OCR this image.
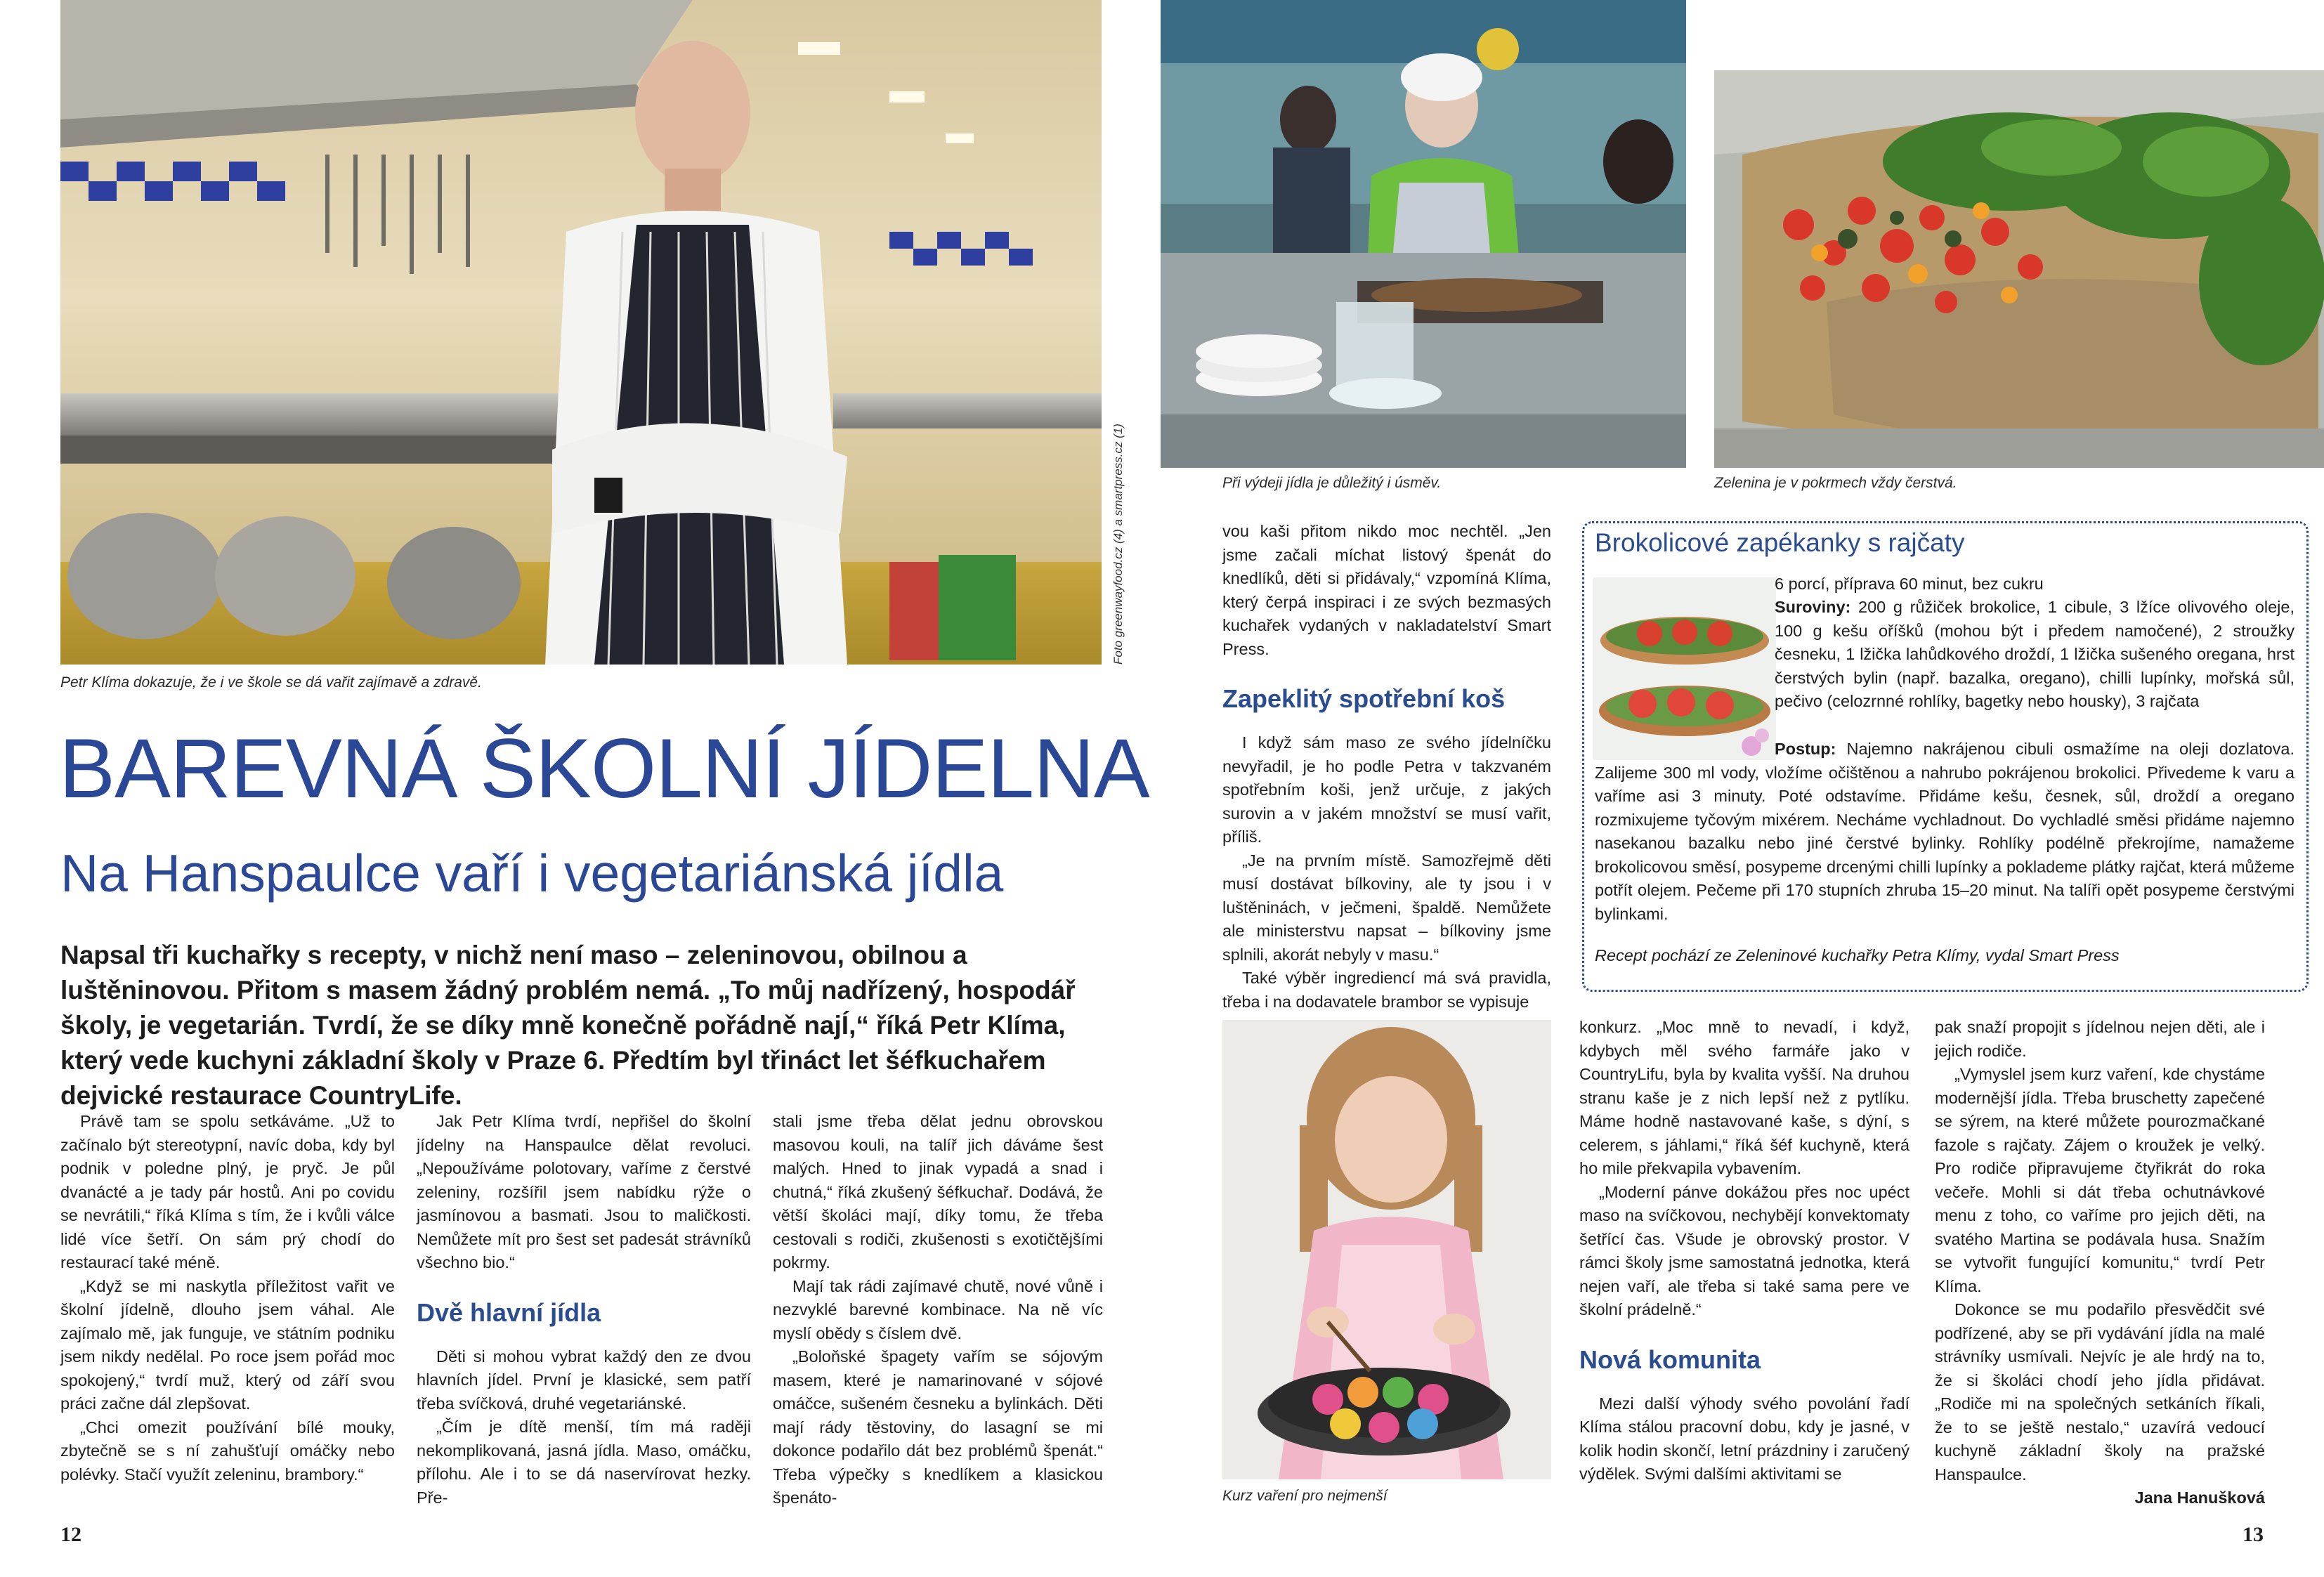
Petr Klíma dokazuje, že i ve škole se dá vařit zajímavě a zdravě.
Foto greenwayfood.cz (4) a smartpress.cz (1)
BAREVNÁ ŠKOLNÍ JÍDELNA
Na Hanspaulce vaří i vegetariánská jídla
Napsal tři kuchařky s recepty, v nichž není maso – zeleninovou, obilnou a luštěninovou. Přitom s masem žádný problém nemá. „To můj nadřízený, hospodář školy, je vegetarián. Tvrdí, že se díky mně konečně pořádně najÍ,“ říká Petr Klíma, který vede kuchyni základní školy v Praze 6. Předtím byl třináct let šéfkuchařem dejvické restaurace CountryLife.

Právě tam se spolu setkáváme. „Už to začínalo být stereotypní, navíc doba, kdy byl podnik v poledne plný, je pryč. Je půl dvanácté a je tady pár hostů. Ani po covidu se nevrátili,“ říká Klíma s tím, že i kvůli válce lidé více šetří. On sám prý chodí do restaurací také méně.

„Když se mi naskytla příležitost vařit ve školní jídelně, dlouho jsem váhal. Ale zajímalo mě, jak funguje, ve státním podniku jsem nikdy nedělal. Po roce jsem pořád moc spokojený,“ tvrdí muž, který od září svou práci začne dál zlepšovat.

„Chci omezit používání bílé mouky, zbytečně se s ní zahušťují omáčky nebo polévky. Stačí využít zeleninu, brambory.“

Jak Petr Klíma tvrdí, nepřišel do školní jídelny na Hanspaulce dělat revoluci. „Nepoužíváme polotovary, vaříme z čerstvé zeleniny, rozšířil jsem nabídku rýže o jasmínovou a basmati. Jsou to maličkosti. Nemůžete mít pro šest set padesát strávníků všechno bio.“

Dvě hlavní jídla

Děti si mohou vybrat každý den ze dvou hlavních jídel. První je klasické, sem patří třeba svíčková, druhé vegetariánské.

„Čím je dítě menší, tím má raději nekomplikovaná, jasná jídla. Maso, omáčku, přílohu. Ale i to se dá naservírovat hezky. Pře-

stali jsme třeba dělat jednu obrovskou masovou kouli, na talíř jich dáváme šest malých. Hned to jinak vypadá a snad i chutná,“ říká zkušený šéfkuchař. Dodává, že větší školáci mají, díky tomu, že třeba cestovali s rodiči, zkušenosti s exotičtějšími pokrmy.

Mají tak rádi zajímavé chutě, nové vůně i nezvyklé barevné kombinace. Na ně víc myslí obědy s číslem dvě.

„Boloňské špagety vařím se sójovým masem, které je namarinované v sójové omáčce, sušeném česneku a bylinkách. Děti mají rády těstoviny, do lasagní se mi dokonce podařilo dát bez problémů špenát.“ Třeba výpečky s knedlíkem a klasickou špenáto-

12
Při výdeji jídla je důležitý i úsměv.	Zelenina je v pokrmech vždy čerstvá.

vou kaši přitom nikdo moc nechtěl. „Jen jsme začali míchat listový špenát do knedlíků, děti si přidávaly,“ vzpomíná Klíma, který čerpá inspiraci i ze svých bezmasých kuchařek vydaných v nakladatelství Smart Press.

Zapeklitý spotřební koš

I když sám maso ze svého jídelníčku nevyřadil, je ho podle Petra v takzvaném spotřebním koši, jenž určuje, z jakých surovin a v jakém množství se musí vařit, příliš.

„Je na prvním místě. Samozřejmě děti musí dostávat bílkoviny, ale ty jsou i v luštěninách, v ječmeni, špaldě. Nemůžete ale ministerstvu napsat – bílkoviny jsme splnili, akorát nebyly v masu.“

Také výběr ingrediencí má svá pravidla, třeba i na dodavatele brambor se vypisuje

Brokolicové zapékanky s rajčaty
6 porcí, příprava 60 minut, bez cukru

Suroviny: 200 g růžiček brokolice, 1 cibule, 3 lžíce olivového oleje, 100 g kešu oříšků (mohou být i předem namočené), 2 stroužky česneku, 1 lžička lahůdkového droždí, 1 lžička sušeného oregana, hrst čerstvých bylin (např. bazalka, oregano), chilli lupínky, mořská sůl, pečivo (celozrnné rohlíky, bagetky nebo housky), 3 rajčata

Postup: Najemno nakrájenou cibuli osmažíme na oleji dozlatova. Zalijeme 300 ml vody, vložíme očištěnou a nahrubo pokrájenou brokolici. Přivedeme k varu a vaříme asi 3 minuty. Poté odstavíme. Přidáme kešu, česnek, sůl, droždí a oregano rozmixujeme tyčovým mixérem. Necháme vychladnout. Do vychladlé směsi přidáme najemno nasekanou bazalku nebo jiné čerstvé bylinky. Rohlíky podélně překrojíme, namažeme brokolicovou směsí, posypeme drcenými chilli lupínky a poklademe plátky rajčat, která můžeme potřít olejem. Pečeme při 170 stupních zhruba 15–20 minut. Na talíři opět posypeme čerstvými bylinkami.

Recept pochází ze Zeleninové kuchařky Petra Klímy, vydal Smart Press
Kurz vaření pro nejmenší

konkurz. „Moc mně to nevadí, i když, kdybych měl svého farmáře jako v CountryLifu, byla by kvalita vyšší. Na druhou stranu kaše je z nich lepší než z pytlíku. Máme hodně nastavované kaše, s dýní, s celerem, s jáhlami,“ říká šéf kuchyně, která ho mile překvapila vybavením.

„Moderní pánve dokážou přes noc upéct maso na svíčkovou, nechybějí konvektomaty šetřící čas. Všude je obrovský prostor. V rámci školy jsme samostatná jednotka, která nejen vaří, ale třeba si také sama pere ve školní prádelně.“

Nová komunita

Mezi další výhody svého povolání řadí Klíma stálou pracovní dobu, kdy je jasné, v kolik hodin skončí, letní prázdniny i zaručený výdělek. Svými dalšími aktivitami se

pak snaží propojit s jídelnou nejen děti, ale i jejich rodiče.

„Vymyslel jsem kurz vaření, kde chystáme modernější jídla. Třeba bruschetty zapečené se sýrem, na které můžete pourozmačkané fazole s rajčaty. Zájem o kroužek je velký. Pro rodiče připravujeme čtyřikrát do roka večeře. Mohli si dát třeba ochutnávkové menu z toho, co vaříme pro jejich děti, na svatého Martina se podávala husa. Snažím se vytvořit fungující komunitu,“ tvrdí Petr Klíma.

Dokonce se mu podařilo přesvědčit své podřízené, aby se při vydávání jídla na malé strávníky usmívali. Nejvíc je ale hrdý na to, že si školáci chodí jeho jídla přidávat. „Rodiče mi na společných setkáních říkali, že to se ještě nestalo,“ uzavírá vedoucí kuchyně základní školy na pražské Hanspaulce.

Jana Hanušková

13
